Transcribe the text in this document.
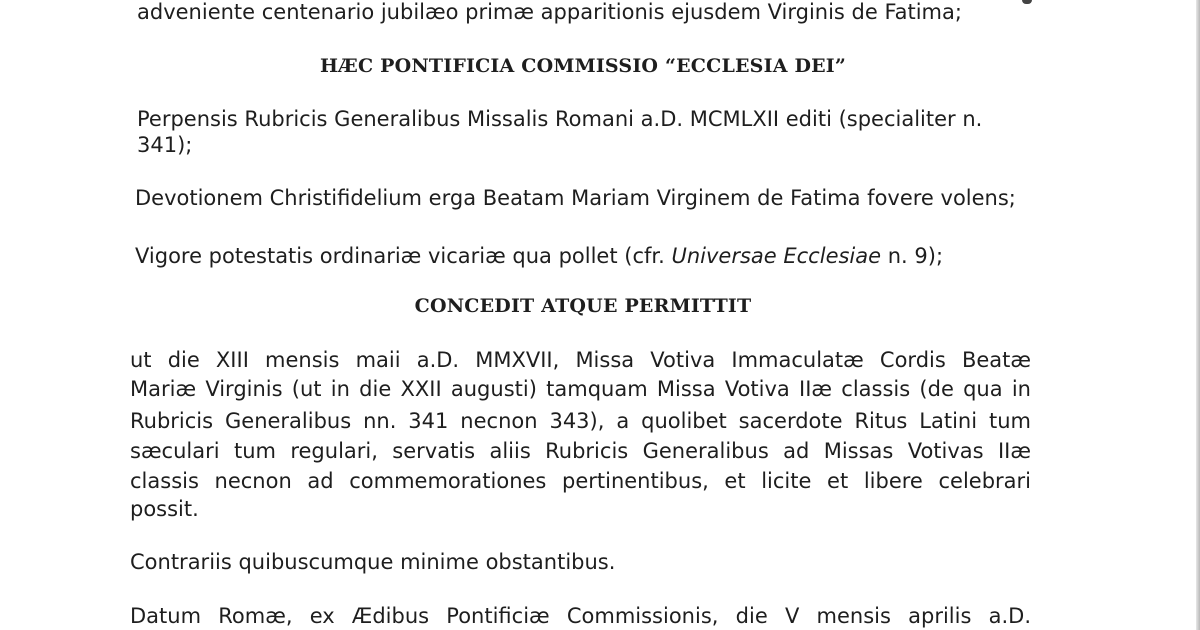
adveniente centenario jubilæo primæ apparitionis ejusdem Virginis de Fatima;
HÆC PONTIFICIA COMMISSIO “ECCLESIA DEI”
Perpensis Rubricis Generalibus Missalis Romani a.D. MCMLXII editi (specialiter n.
341);
Devotionem Christifidelium erga Beatam Mariam Virginem de Fatima fovere volens;
Vigore potestatis ordinariæ vicariæ qua pollet (cfr. Universae Ecclesiae n. 9);
CONCEDIT ATQUE PERMITTIT
ut die XIII mensis maii a.D. MMXVII, Missa Votiva Immaculatæ Cordis Beatæ
Mariæ Virginis (ut in die XXII augusti) tamquam Missa Votiva IIæ classis (de qua in
Rubricis Generalibus nn. 341 necnon 343), a quolibet sacerdote Ritus Latini tum
sæculari tum regulari, servatis aliis Rubricis Generalibus ad Missas Votivas IIæ
classis necnon ad commemorationes pertinentibus, et licite et libere celebrari
possit.
Contrariis quibuscumque minime obstantibus.
Datum Romæ, ex Ædibus Pontificiæ Commissionis, die V mensis aprilis a.D.
